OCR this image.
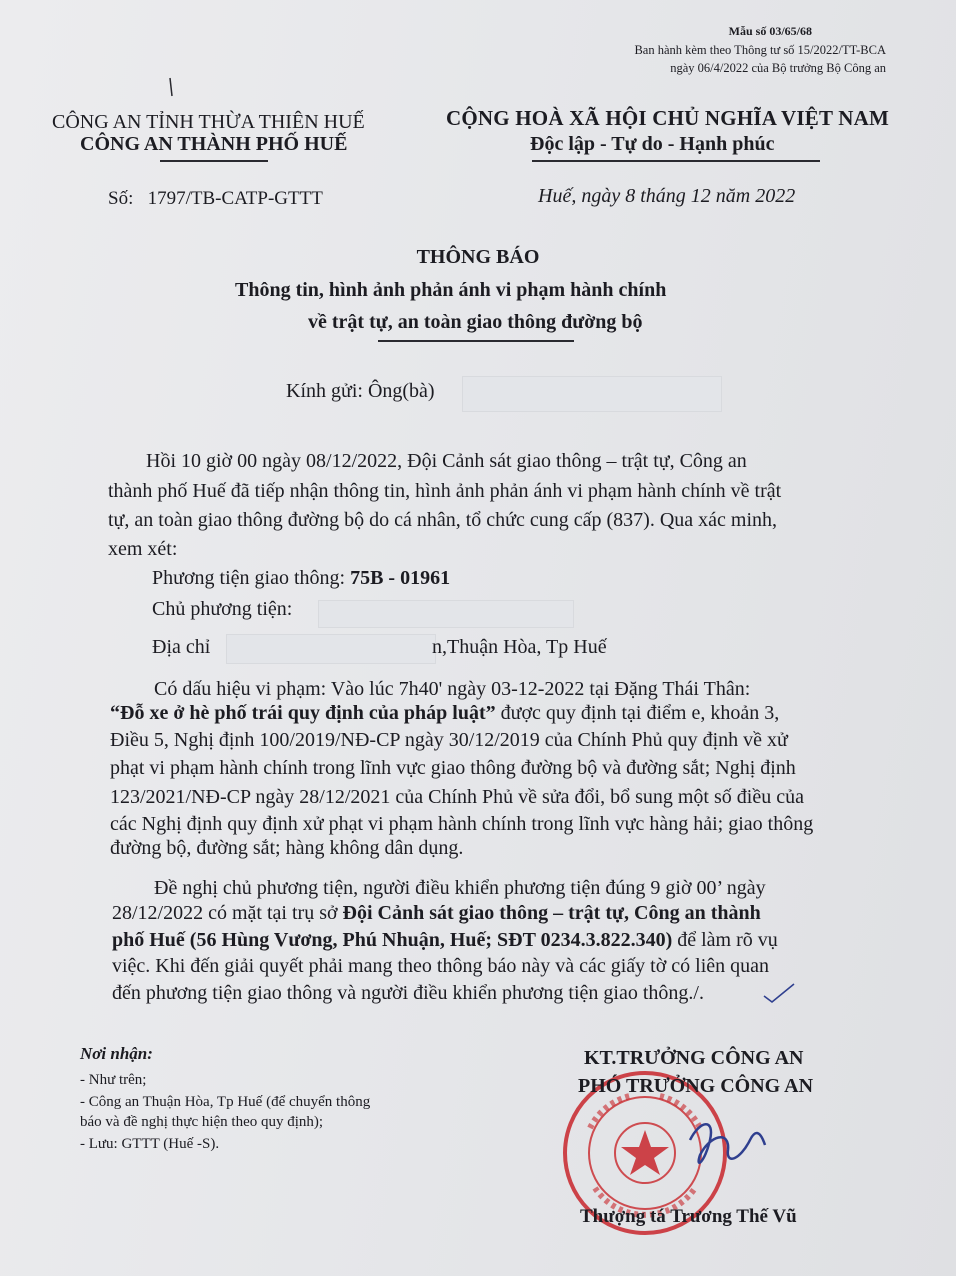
Mẫu số 03/65/68
Ban hành kèm theo Thông tư số 15/2022/TT-BCA
ngày 06/4/2022 của Bộ trưởng Bộ Công an
CÔNG AN TỈNH THỪA THIÊN HUẾ
CÔNG AN THÀNH PHỐ HUẾ
Số: 1797/TB-CATP-GTTT
CỘNG HOÀ XÃ HỘI CHỦ NGHĨA VIỆT NAM
Độc lập - Tự do - Hạnh phúc
Huế, ngày 8 tháng 12 năm 2022
THÔNG BÁO
Thông tin, hình ảnh phản ánh vi phạm hành chính
về trật tự, an toàn giao thông đường bộ
Kính gửi: Ông(bà)
Hồi 10 giờ 00 ngày 08/12/2022, Đội Cảnh sát giao thông – trật tự, Công an
thành phố Huế đã tiếp nhận thông tin, hình ảnh phản ánh vi phạm hành chính về trật
tự, an toàn giao thông đường bộ do cá nhân, tổ chức cung cấp (837). Qua xác minh,
xem xét:
Phương tiện giao thông: 75B - 01961
Chủ phương tiện:
Địa chỉ	n,Thuận Hòa, Tp Huế
Có dấu hiệu vi phạm: Vào lúc 7h40' ngày 03-12-2022 tại Đặng Thái Thân:
“Đỗ xe ở hè phố trái quy định của pháp luật” được quy định tại điểm e, khoản 3,
Điều 5, Nghị định 100/2019/NĐ-CP ngày 30/12/2019 của Chính Phủ quy định về xử
phạt vi phạm hành chính trong lĩnh vực giao thông đường bộ và đường sắt; Nghị định
123/2021/NĐ-CP ngày 28/12/2021 của Chính Phủ về sửa đổi, bổ sung một số điều của
các Nghị định quy định xử phạt vi phạm hành chính trong lĩnh vực hàng hải; giao thông
đường bộ, đường sắt; hàng không dân dụng.
Đề nghị chủ phương tiện, người điều khiển phương tiện đúng 9 giờ 00’ ngày
28/12/2022 có mặt tại trụ sở Đội Cảnh sát giao thông – trật tự, Công an thành
phố Huế (56 Hùng Vương, Phú Nhuận, Huế; SĐT 0234.3.822.340) để làm rõ vụ
việc. Khi đến giải quyết phải mang theo thông báo này và các giấy tờ có liên quan
đến phương tiện giao thông và người điều khiển phương tiện giao thông./.
Nơi nhận:
- Như trên;
- Công an Thuận Hòa, Tp Huế (để chuyển thông
báo và đề nghị thực hiện theo quy định);
- Lưu: GTTT (Huế -S).
KT.TRƯỞNG CÔNG AN
PHÓ TRƯỞNG CÔNG AN
Thượng tá Trương Thế Vũ
